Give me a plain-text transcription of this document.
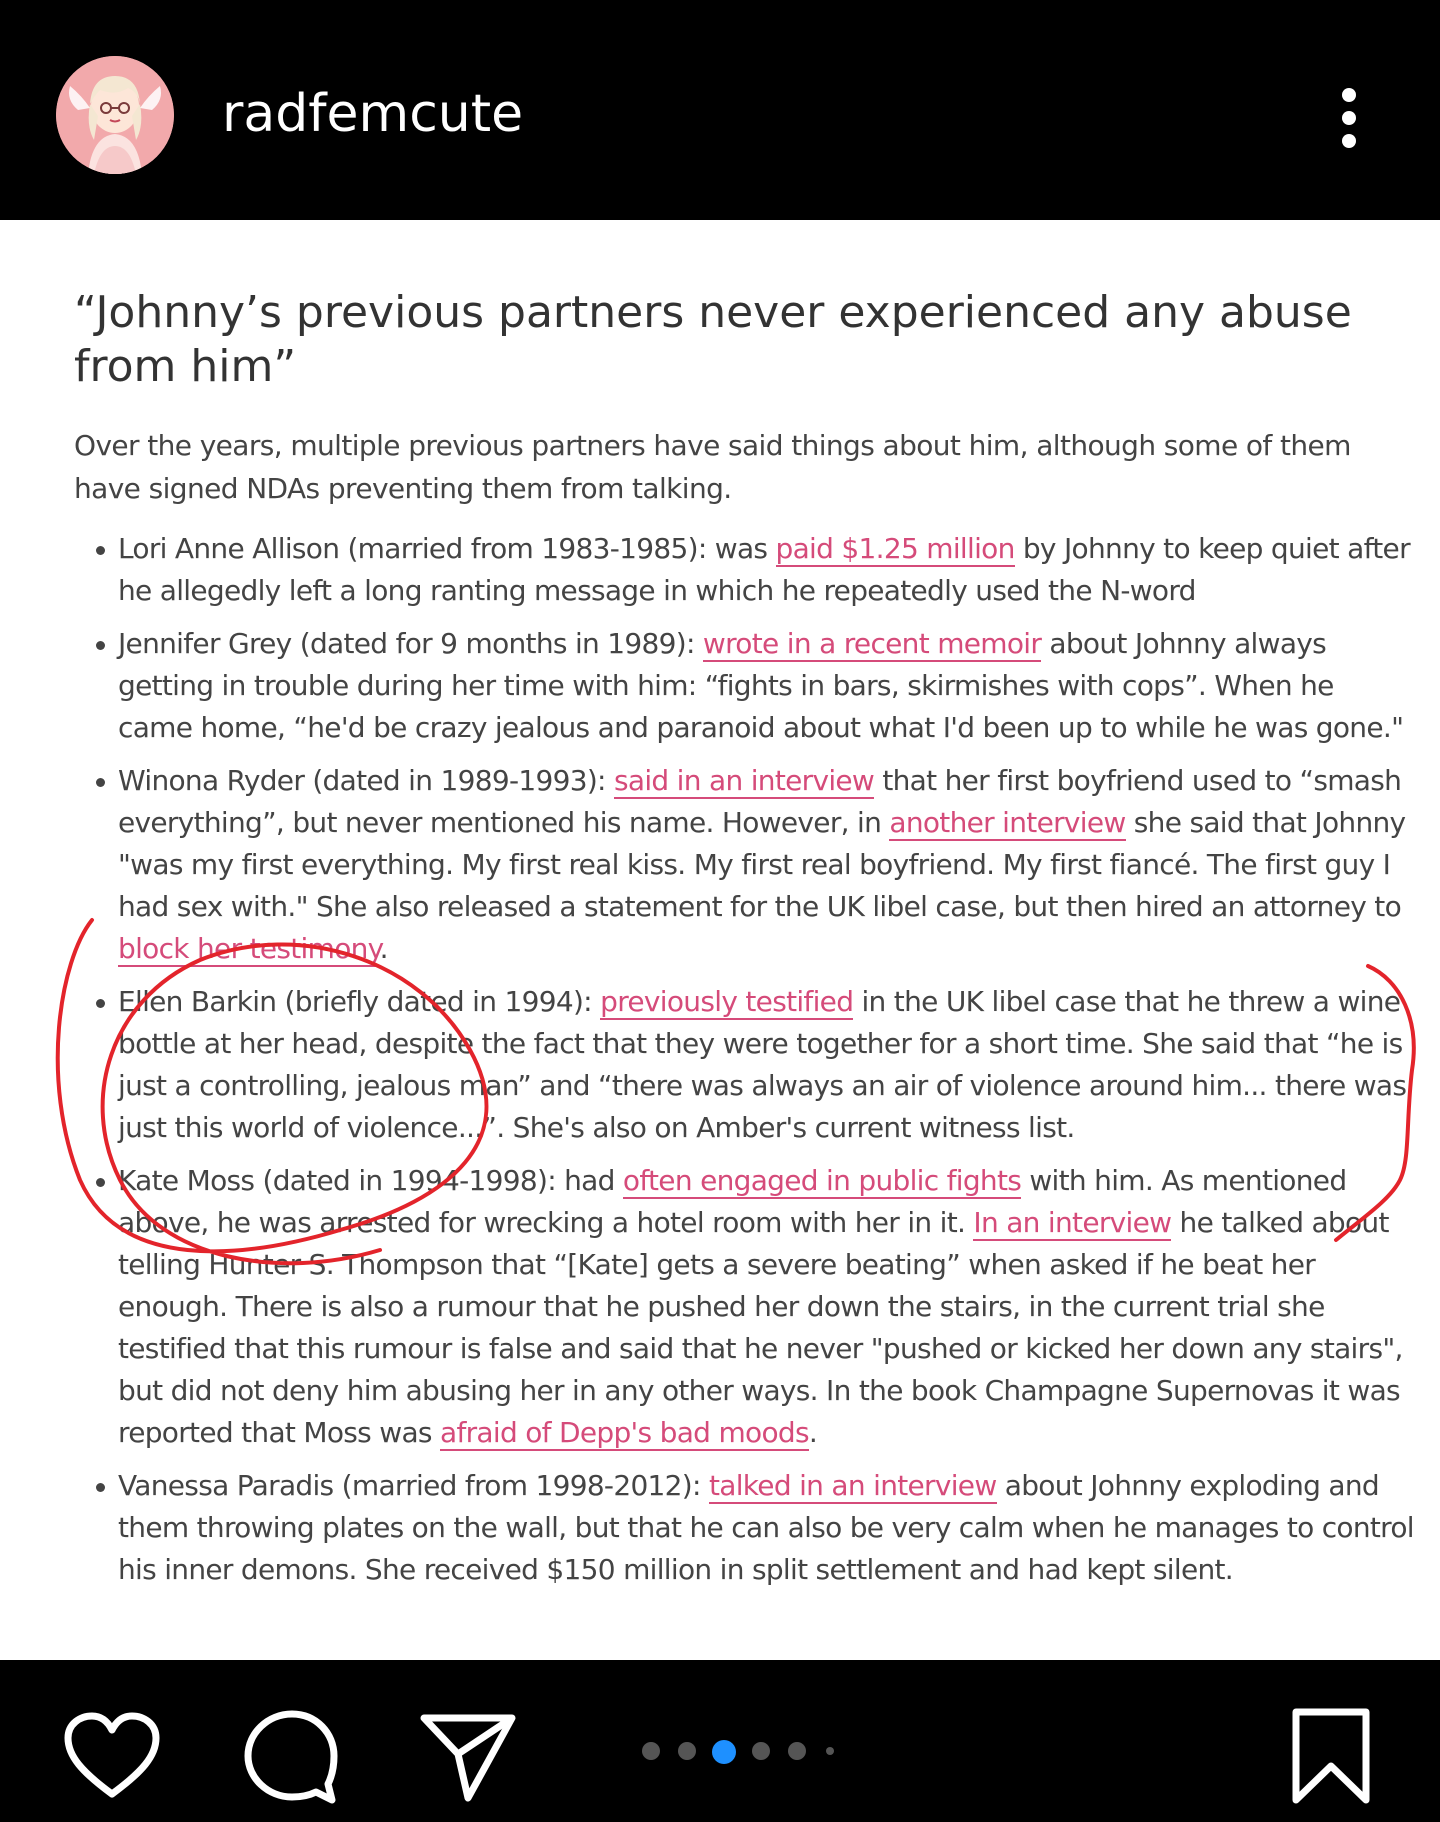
radfemcute
“Johnny’s previous partners never experienced any abuse from him”

Over the years, multiple previous partners have said things about him, although some of them have signed NDAs preventing them from talking.

Lori Anne Allison (married from 1983-1985): was paid $1.25 million by Johnny to keep quiet after he allegedly left a long ranting message in which he repeatedly used the N-word
Jennifer Grey (dated for 9 months in 1989): wrote in a recent memoir about Johnny always getting in trouble during her time with him: “fights in bars, skirmishes with cops”. When he came home, “he'd be crazy jealous and paranoid about what I'd been up to while he was gone."
Winona Ryder (dated in 1989-1993): said in an interview that her first boyfriend used to “smash everything”, but never mentioned his name. However, in another interview she said that Johnny "was my first everything. My first real kiss. My first real boyfriend. My first fiancé. The first guy I had sex with." She also released a statement for the UK libel case, but then hired an attorney to block her testimony.
Ellen Barkin (briefly dated in 1994): previously testified in the UK libel case that he threw a wine bottle at her head, despite the fact that they were together for a short time. She said that “he is just a controlling, jealous man” and “there was always an air of violence around him... there was just this world of violence...”. She's also on Amber's current witness list.
Kate Moss (dated in 1994-1998): had often engaged in public fights with him. As mentioned above, he was arrested for wrecking a hotel room with her in it. In an interview he talked about telling Hunter S. Thompson that “[Kate] gets a severe beating” when asked if he beat her enough. There is also a rumour that he pushed her down the stairs, in the current trial she testified that this rumour is false and said that he never "pushed or kicked her down any stairs", but did not deny him abusing her in any other ways. In the book Champagne Supernovas it was reported that Moss was afraid of Depp's bad moods.
Vanessa Paradis (married from 1998-2012): talked in an interview about Johnny exploding and them throwing plates on the wall, but that he can also be very calm when he manages to control his inner demons. She received $150 million in split settlement and had kept silent.
